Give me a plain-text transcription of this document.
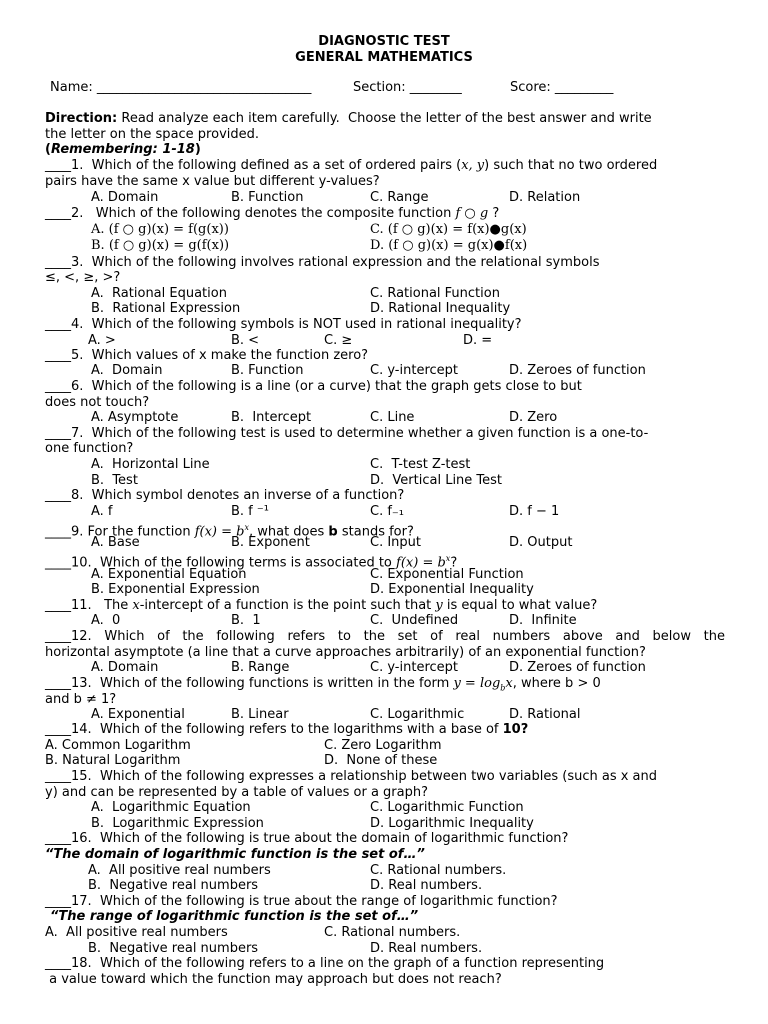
DIAGNOSTIC TEST
GENERAL MATHEMATICS
Name: _________________________________	Section: ________	Score: _________
Direction: Read analyze each item carefully.  Choose the letter of the best answer and write
the letter on the space provided.
(Remembering: 1-18)
____1.  Which of the following defined as a set of ordered pairs (x, y) such that no two ordered
pairs have the same x value but different y-values?
A. Domain	B. Function	C. Range	D. Relation
____2.   Which of the following denotes the composite function f ○ g ?
A. (f ○ g)(x) = f(g(x))	C. (f ○ g)(x) = f(x)●g(x)
B. (f ○ g)(x) = g(f(x))	D. (f ○ g)(x) = g(x)●f(x)
____3.  Which of the following involves rational expression and the relational symbols
≤, <, ≥, >?
A.  Rational Equation	C. Rational Function
B.  Rational Expression	D. Rational Inequality
____4.  Which of the following symbols is NOT used in rational inequality?
A. >	B. <	C. ≥	D. =
____5.  Which values of x make the function zero?
A.  Domain	B. Function	C. y-intercept	D. Zeroes of function
____6.  Which of the following is a line (or a curve) that the graph gets close to but
does not touch?
A. Asymptote	B.  Intercept	C. Line	D. Zero
____7.  Which of the following test is used to determine whether a given function is a one-to-
one function?
A.  Horizontal Line	C.  T-test Z-test
B.  Test	D.  Vertical Line Test
____8.  Which symbol denotes an inverse of a function?
A. f	B. f ⁻¹	C. f₋₁	D. f − 1
____9. For the function $f(x) = b^x$, what does b stands for?
A. Base	B. Exponent	C. Input	D. Output
____10.  Which of the following terms is associated to $f(x) = b^x$?
A. Exponential Equation	C. Exponential Function
B. Exponential Expression	D. Exponential Inequality
____11.   The x-intercept of a function is the point such that y is equal to what value?
A.  0	B.  1	C.  Undefined	D.  Infinite
____12. Which of the following refers to the set of real numbers above and below the
horizontal asymptote (a line that a curve approaches arbitrarily) of an exponential function?
A. Domain	B. Range	C. y-intercept	D. Zeroes of function
____13.  Which of the following functions is written in the form $y = \log_bx$, where b > 0
and b ≠ 1?
A. Exponential	B. Linear	C. Logarithmic	D. Rational
____14.  Which of the following refers to the logarithms with a base of 10?
A. Common Logarithm	C. Zero Logarithm
B. Natural Logarithm	D.  None of these
____15.  Which of the following expresses a relationship between two variables (such as x and
y) and can be represented by a table of values or a graph?
A.  Logarithmic Equation	C. Logarithmic Function
B.  Logarithmic Expression	D. Logarithmic Inequality
____16.  Which of the following is true about the domain of logarithmic function?
“The domain of logarithmic function is the set of…”
A.  All positive real numbers	C. Rational numbers.
B.  Negative real numbers	D. Real numbers.
____17.  Which of the following is true about the range of logarithmic function?
“The range of logarithmic function is the set of…”
A.  All positive real numbers	C. Rational numbers.
B.  Negative real numbers	D. Real numbers.
____18.  Which of the following refers to a line on the graph of a function representing
a value toward which the function may approach but does not reach?
